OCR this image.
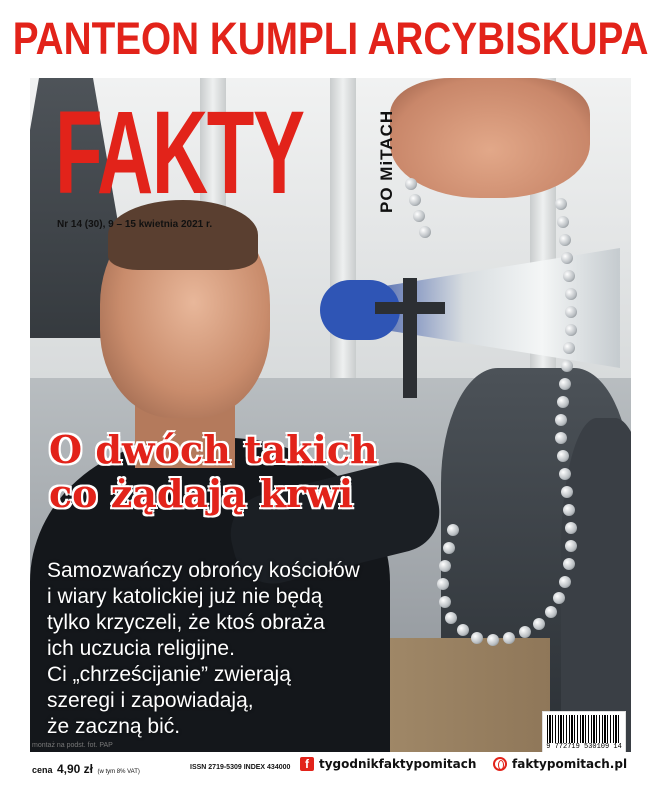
PANTEON KUMPLI ARCYBISKUPA
FAKTY	PO MiTACH
Nr 14 (30), 9 – 15 kwietnia 2021 r.
O dwóch takich
co żądają krwi
Samozwańczy obrońcy kościołów
i wiary katolickiej już nie będą
tylko krzyczeli, że ktoś obraża
ich uczucia religijne.
Ci „chrześcijanie” zwierają
szeregi i zapowiadają,
że zaczną bić.
montaż na podst. fot. PAP	9 772719 530109 14
cena 4,90 zł (w tym 8% VAT)
ISSN 2719-5309 INDEX 434000	f tygodnikfaktypomitach	faktypomitach.pl
